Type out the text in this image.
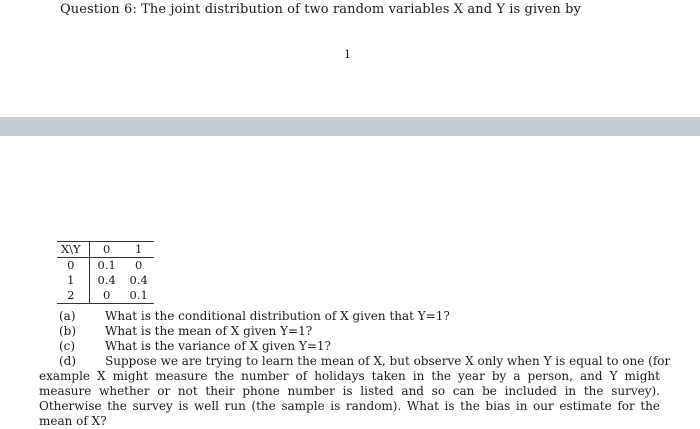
Question 6: The joint distribution of two random variables X and Y is given by
1
X\Y	0	1
0	0.1	0
1	0.4	0.4
2	0	0.1
(a) What is the conditional distribution of X given that Y=1?
(b) What is the mean of X given Y=1?
(c) What is the variance of X given Y=1?
(d) Suppose we are trying to learn the mean of X, but observe X only when Y is equal to one (for
example X might measure the number of holidays taken in the year by a person, and Y might measure whether or not their phone number is listed and so can be included in the survey). Otherwise the survey is well run (the sample is random). What is the bias in our estimate for the mean of X?
